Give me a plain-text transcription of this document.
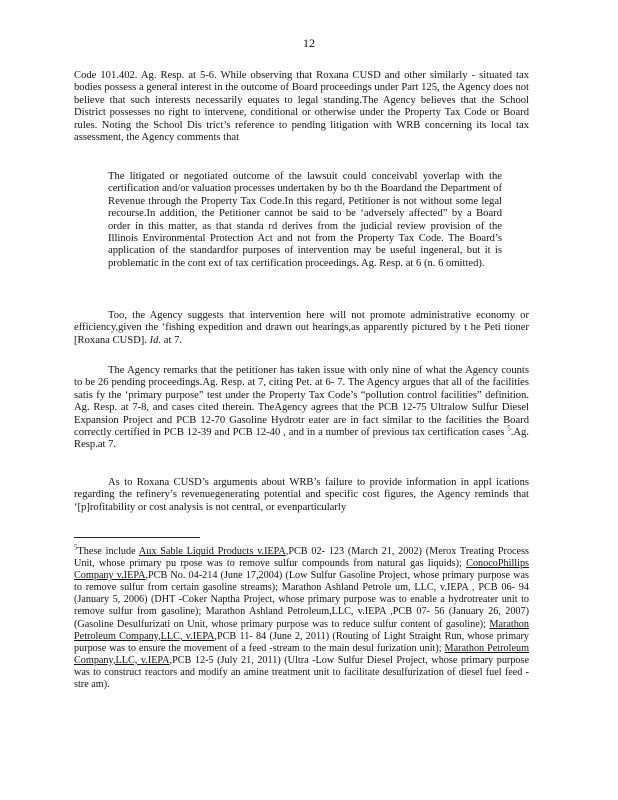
12
Code 101.402. Ag. Resp. at 5-6. While observing that Roxana CUSD and other similarly - situated tax bodies possess a general interest in the outcome of Board proceedings under Part 125, the Agency does not believe that such interests necessarily equates to legal standing.The Agency believes that the School District possesses no right to intervene, conditional or otherwise under the Property Tax Code or Board rules. Noting the School Dis trict’s reference to pending litigation with WRB concerning its local tax assessment, the Agency comments that
The litigated or negotiated outcome of the lawsuit could conceivabl yoverlap with the certification and/or valuation processes undertaken by bo th the Boardand the Department of Revenue through the Property Tax Code.In this regard, Petitioner is not without some legal recourse.In addition, the Petitioner cannot be said to be ‘adversely affected” by a Board order in this matter, as that standa rd derives from the judicial review provision of the Illinois Environmental Protection Act and not from the Property Tax Code. The Board’s application of the standardfor purposes of intervention may be useful ingeneral, but it is problematic in the cont ext of tax certification proceedings. Ag. Resp. at 6 (n. 6 omitted).
Too, the Agency suggests that intervention here will not promote administrative economy or efficiency,given the ‘fishing expedition and drawn out hearings,as apparently pictured by t he Peti tioner [Roxana CUSD]. Id. at 7.
The Agency remarks that the petitioner has taken issue with only nine of what the Agency counts to be 26 pending proceedings.Ag. Resp. at 7, citing Pet. at 6- 7. The Agency argues that all of the facilities satis fy the ‘primary purpose” test under the Property Tax Code’s “pollution control facilities” definition. Ag. Resp. at 7-8, and cases cited therein. TheAgency agrees that the PCB 12-75 Ultralow Sulfur Diesel Expansion Project and PCB 12-70 Gasoline Hydrotr eater are in fact similar to the facilities the Board correctly certified in PCB 12-39 and PCB 12-40 , and in a number of previous tax certification cases $^5$.Ag. Resp.at 7.
As to Roxana CUSD’s arguments about WRB’s failure to provide information in appl ications regarding the refinery’s revenuegenerating potential and specific cost figures, the Agency reminds that ‘[p]rofitability or cost analysis is not central, or evenparticularly
$^5$These include Aux Sable Liquid Products v.IEPA,PCB 02- 123 (March 21, 2002) (Merox Treating Process Unit, whose primary pu rpose was to remove sulfur compounds from natural gas liquids); ConocoPhillips Company v.IEPA,PCB No. 04-214 (June 17,2004) (Low Sulfur Gasoline Project, whose primary purpose was to remove sulfur from certain gasoline streams); Marathon Ashland Petrole um, LLC, v.IEPA , PCB 06- 94 (January 5, 2006) (DHT -Coker Naptha Project, whose primary purpose was to enable a hydrotreater unit to remove sulfur from gasoline); Marathon Ashland Petroleum,LLC, v.IEPA ,PCB 07- 56 (January 26, 2007) (Gasoline Desulfurizati on Unit, whose primary purpose was to reduce sulfur content of gasoline); Marathon Petroleum Company,LLC, v.IEPA,PCB 11- 84 (June 2, 2011) (Routing of Light Straight Run, whose primary purpose was to ensure the movement of a feed -stream to the main desul furization unit); Marathon Petroleum Company,LLC, v.IEPA,PCB 12-5 (July 21, 2011) (Ultra -Low Sulfur Diesel Project, whose primary purpose was to construct reactors and modify an amine treatment unit to facilitate desulfurization of diesel fuel feed -stre am).
